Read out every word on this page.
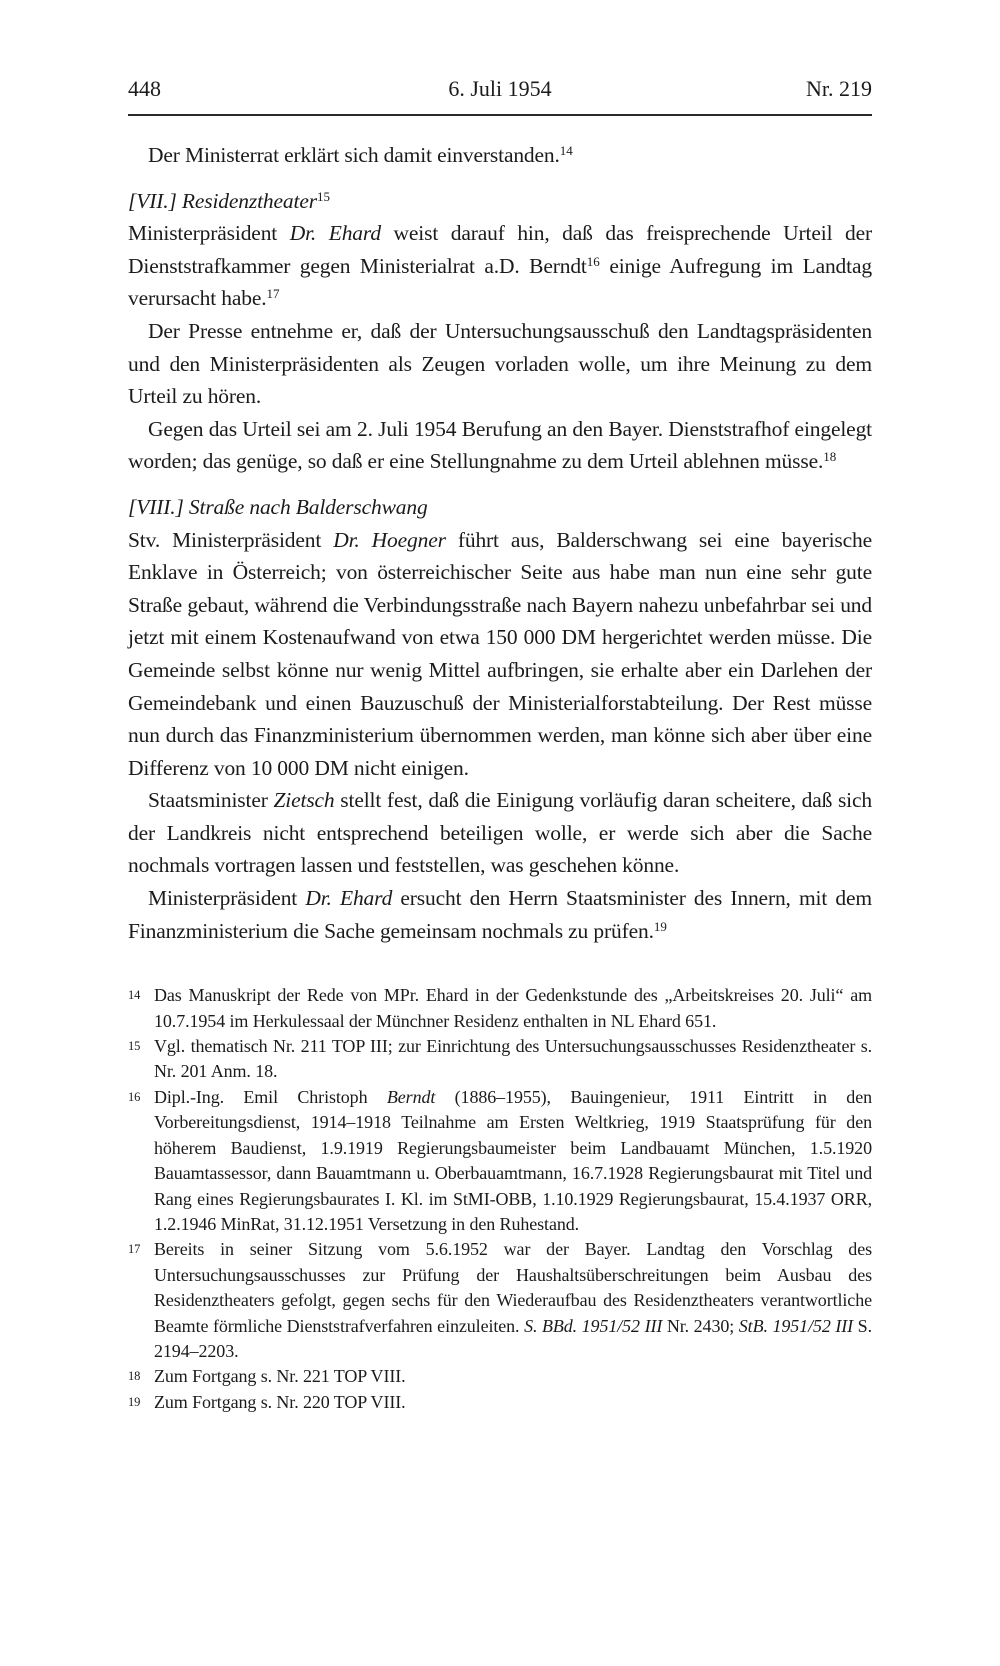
448	6. Juli 1954	Nr. 219

Der Ministerrat erklärt sich damit einverstanden.$^{14}$

[VII.] Residenztheater$^{15}$

Ministerpräsident Dr. Ehard weist darauf hin, daß das freisprechende Urteil der Dienststrafkammer gegen Ministerialrat a.D. Berndt$^{16}$ einige Aufregung im Landtag verursacht habe.$^{17}$

Der Presse entnehme er, daß der Untersuchungsausschuß den Landtagspräsidenten und den Ministerpräsidenten als Zeugen vorladen wolle, um ihre Meinung zu dem Urteil zu hören.

Gegen das Urteil sei am 2. Juli 1954 Berufung an den Bayer. Dienststrafhof eingelegt worden; das genüge, so daß er eine Stellungnahme zu dem Urteil ablehnen müsse.$^{18}$

[VIII.] Straße nach Balderschwang

Stv. Ministerpräsident Dr. Hoegner führt aus, Balderschwang sei eine bayerische Enklave in Österreich; von österreichischer Seite aus habe man nun eine sehr gute Straße gebaut, während die Verbindungsstraße nach Bayern nahezu unbefahrbar sei und jetzt mit einem Kostenaufwand von etwa 150 000 DM hergerichtet werden müsse. Die Gemeinde selbst könne nur wenig Mittel aufbringen, sie erhalte aber ein Darlehen der Gemeindebank und einen Bauzuschuß der Ministerialforstabteilung. Der Rest müsse nun durch das Finanzministerium übernommen werden, man könne sich aber über eine Differenz von 10 000 DM nicht einigen.

Staatsminister Zietsch stellt fest, daß die Einigung vorläufig daran scheitere, daß sich der Landkreis nicht entsprechend beteiligen wolle, er werde sich aber die Sache nochmals vortragen lassen und feststellen, was geschehen könne.

Ministerpräsident Dr. Ehard ersucht den Herrn Staatsminister des Innern, mit dem Finanzministerium die Sache gemeinsam nochmals zu prüfen.$^{19}$

14 Das Manuskript der Rede von MPr. Ehard in der Gedenkstunde des „Arbeitskreises 20. Juli“ am 10.7.1954 im Herkulessaal der Münchner Residenz enthalten in NL Ehard 651.

15 Vgl. thematisch Nr. 211 TOP III; zur Einrichtung des Untersuchungsausschusses Residenztheater s. Nr. 201 Anm. 18.

16 Dipl.-Ing. Emil Christoph Berndt (1886–1955), Bauingenieur, 1911 Eintritt in den Vorbereitungsdienst, 1914–1918 Teilnahme am Ersten Weltkrieg, 1919 Staatsprüfung für den höherem Baudienst, 1.9.1919 Regierungsbaumeister beim Landbauamt München, 1.5.1920 Bauamtassessor, dann Bauamtmann u. Oberbauamtmann, 16.7.1928 Regierungsbaurat mit Titel und Rang eines Regierungsbaurates I. Kl. im StMI-OBB, 1.10.1929 Regierungsbaurat, 15.4.1937 ORR, 1.2.1946 MinRat, 31.12.1951 Versetzung in den Ruhestand.

17 Bereits in seiner Sitzung vom 5.6.1952 war der Bayer. Landtag den Vorschlag des Untersuchungsausschusses zur Prüfung der Haushaltsüberschreitungen beim Ausbau des Residenztheaters gefolgt, gegen sechs für den Wiederaufbau des Residenztheaters verantwortliche Beamte förmliche Dienststrafverfahren einzuleiten. S. BBd. 1951/52 III Nr. 2430; StB. 1951/52 III S. 2194–2203.

18 Zum Fortgang s. Nr. 221 TOP VIII.

19 Zum Fortgang s. Nr. 220 TOP VIII.
